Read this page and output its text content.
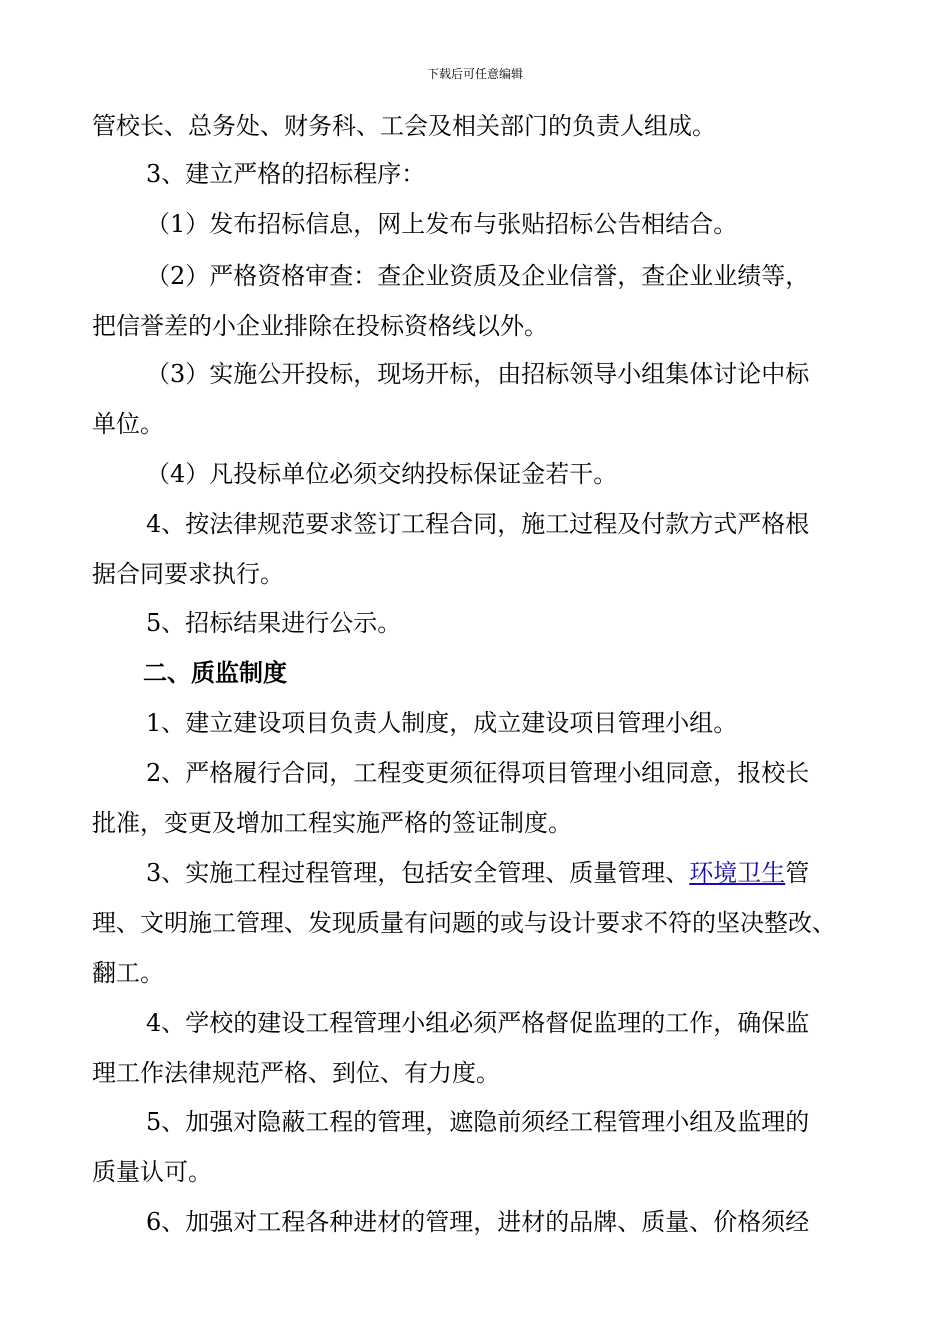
下载后可任意编辑
管校长、总务处、财务科、工会及相关部门的负责人组成。
3、建立严格的招标程序：
（1）发布招标信息，网上发布与张贴招标公告相结合。
（2）严格资格审查：查企业资质及企业信誉，查企业业绩等，
把信誉差的小企业排除在投标资格线以外。
（3）实施公开投标，现场开标，由招标领导小组集体讨论中标
单位。
（4）凡投标单位必须交纳投标保证金若干。
4、按法律规范要求签订工程合同，施工过程及付款方式严格根
据合同要求执行。
5、招标结果进行公示。
二、质监制度
1、建立建设项目负责人制度，成立建设项目管理小组。
2、严格履行合同，工程变更须征得项目管理小组同意，报校长
批准，变更及增加工程实施严格的签证制度。
3、实施工程过程管理，包括安全管理、质量管理、环境卫生管
理、文明施工管理、发现质量有问题的或与设计要求不符的坚决整改、
翻工。
4、学校的建设工程管理小组必须严格督促监理的工作，确保监
理工作法律规范严格、到位、有力度。
5、加强对隐蔽工程的管理，遮隐前须经工程管理小组及监理的
质量认可。
6、加强对工程各种进材的管理，进材的品牌、质量、价格须经
